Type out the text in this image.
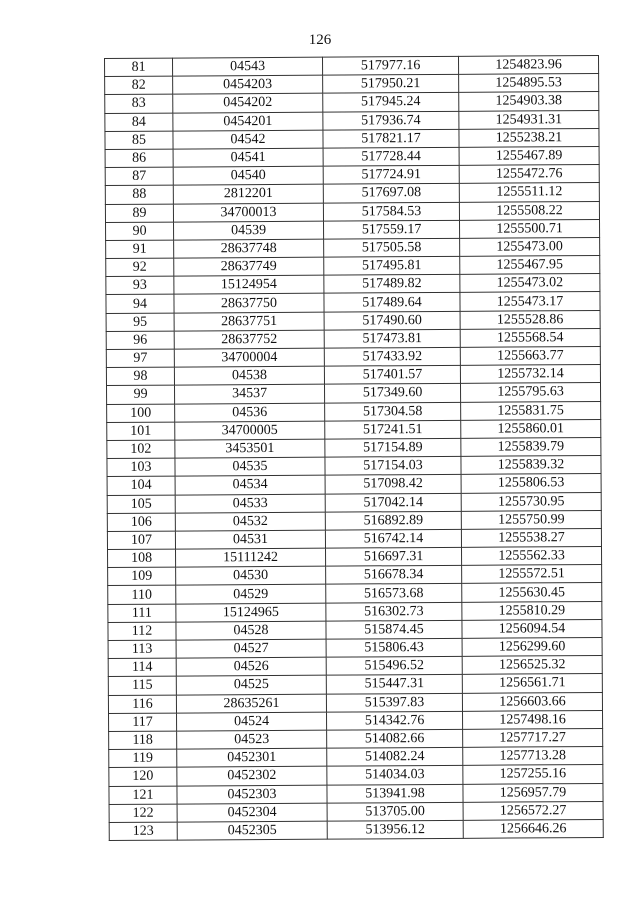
126
81	04543	517977.16	1254823.96
82	0454203	517950.21	1254895.53
83	0454202	517945.24	1254903.38
84	0454201	517936.74	1254931.31
85	04542	517821.17	1255238.21
86	04541	517728.44	1255467.89
87	04540	517724.91	1255472.76
88	2812201	517697.08	1255511.12
89	34700013	517584.53	1255508.22
90	04539	517559.17	1255500.71
91	28637748	517505.58	1255473.00
92	28637749	517495.81	1255467.95
93	15124954	517489.82	1255473.02
94	28637750	517489.64	1255473.17
95	28637751	517490.60	1255528.86
96	28637752	517473.81	1255568.54
97	34700004	517433.92	1255663.77
98	04538	517401.57	1255732.14
99	34537	517349.60	1255795.63
100	04536	517304.58	1255831.75
101	34700005	517241.51	1255860.01
102	3453501	517154.89	1255839.79
103	04535	517154.03	1255839.32
104	04534	517098.42	1255806.53
105	04533	517042.14	1255730.95
106	04532	516892.89	1255750.99
107	04531	516742.14	1255538.27
108	15111242	516697.31	1255562.33
109	04530	516678.34	1255572.51
110	04529	516573.68	1255630.45
111	15124965	516302.73	1255810.29
112	04528	515874.45	1256094.54
113	04527	515806.43	1256299.60
114	04526	515496.52	1256525.32
115	04525	515447.31	1256561.71
116	28635261	515397.83	1256603.66
117	04524	514342.76	1257498.16
118	04523	514082.66	1257717.27
119	0452301	514082.24	1257713.28
120	0452302	514034.03	1257255.16
121	0452303	513941.98	1256957.79
122	0452304	513705.00	1256572.27
123	0452305	513956.12	1256646.26
